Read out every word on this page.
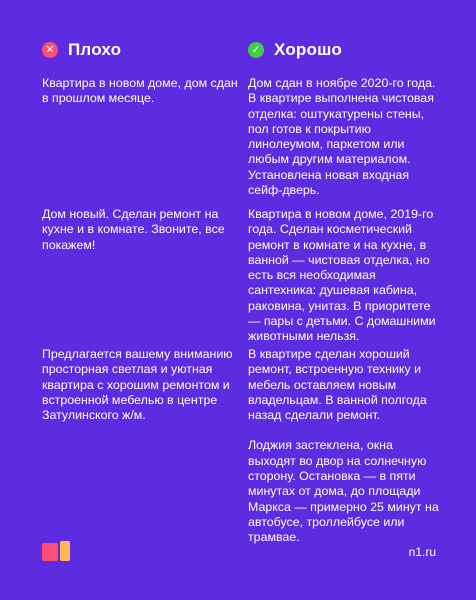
✕ Плохо	✓ Хорошо

Квартира в новом доме, дом сдан в прошлом месяце.

Дом сдан в ноябре 2020-го года. В квартире выполнена чистовая отделка: оштукатурены стены, пол готов к покрытию линолеумом, паркетом или любым другим материалом. Установлена новая входная сейф-дверь.

Дом новый. Сделан ремонт на кухне и в комнате. Звоните, все покажем!

Квартира в новом доме, 2019-го года. Сделан косметический ремонт в комнате и на кухне, в ванной — чистовая отделка, но есть вся необходимая сантехника: душевая кабина, раковина, унитаз. В приоритете — пары с детьми. С домашними животными нельзя.

Предлагается вашему вниманию просторная светлая и уютная квартира с хорошим ремонтом и встроенной мебелью в центре Затулинского ж/м.

В квартире сделан хороший ремонт, встроенную технику и мебель оставляем новым владельцам. В ванной полгода назад сделали ремонт.

Лоджия застеклена, окна выходят во двор на солнечную сторону. Остановка — в пяти минутах от дома, до площади Маркса — примерно 25 минут на автобусе, троллейбусе или трамвае.

n1.ru
